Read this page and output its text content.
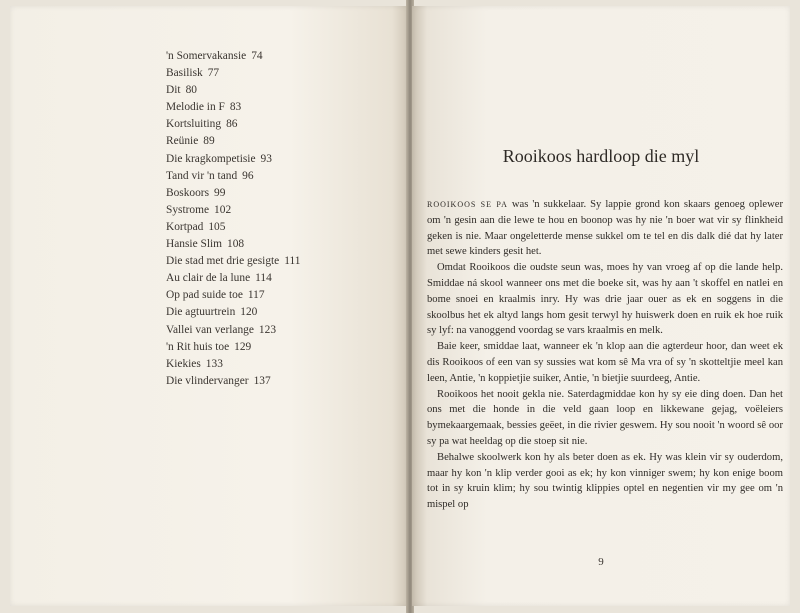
'n Somervakansie 74
Basilisk 77
Dit 80
Melodie in F 83
Kortsluiting 86
Reünie 89
Die kragkompetisie 93
Tand vir 'n tand 96
Boskoors 99
Systrome 102
Kortpad 105
Hansie Slim 108
Die stad met drie gesigte 111
Au clair de la lune 114
Op pad suide toe 117
Die agtuurtrein 120
Vallei van verlange 123
'n Rit huis toe 129
Kiekies 133
Die vlindervanger 137
Rooikoos hardloop die myl

ROOIKOOS SE PA was 'n sukkelaar. Sy lappie grond kon skaars genoeg oplewer om 'n gesin aan die lewe te hou en boonop was hy nie 'n boer wat vir sy flinkheid geken is nie. Maar ongeletterde mense sukkel om te tel en dis dalk dié dat hy later met sewe kinders gesit het.

Omdat Rooikoos die oudste seun was, moes hy van vroeg af op die lande help. Smiddae ná skool wanneer ons met die boeke sit, was hy aan 't skoffel en natlei en bome snoei en kraalmis inry. Hy was drie jaar ouer as ek en soggens in die skoolbus het ek altyd langs hom gesit terwyl hy huiswerk doen en ruik ek hoe ruik sy lyf: na vanoggend voordag se vars kraalmis en melk.

Baie keer, smiddae laat, wanneer ek 'n klop aan die agterdeur hoor, dan weet ek dis Rooikoos of een van sy sussies wat kom sê Ma vra of sy 'n skotteltjie meel kan leen, Antie, 'n koppietjie suiker, Antie, 'n bietjie suurdeeg, Antie.

Rooikoos het nooit gekla nie. Saterdagmiddae kon hy sy eie ding doen. Dan het ons met die honde in die veld gaan loop en likkewane gejag, voëleiers bymekaargemaak, bessies geëet, in die rivier geswem. Hy sou nooit 'n woord sê oor sy pa wat heeldag op die stoep sit nie.

Behalwe skoolwerk kon hy als beter doen as ek. Hy was klein vir sy ouderdom, maar hy kon 'n klip verder gooi as ek; hy kon vinniger swem; hy kon enige boom tot in sy kruin klim; hy sou twintig klippies optel en negentien vir my gee om 'n mispel op

9
